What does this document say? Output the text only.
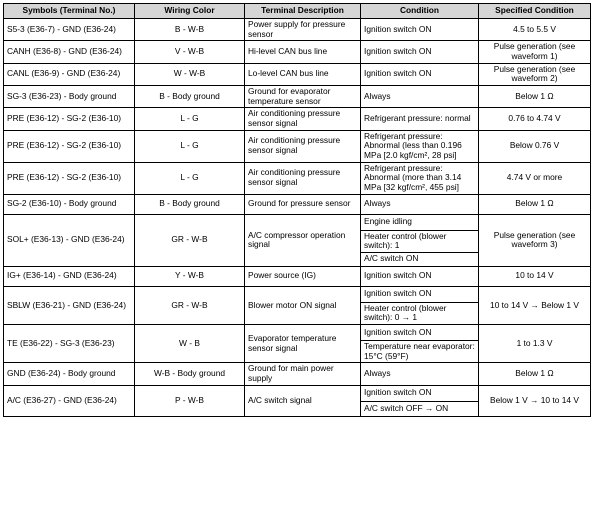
Symbols (Terminal No.)	Wiring Color	Terminal Description	Condition	Specified Condition
S5-3 (E36-7) - GND (E36-24)	B - W-B	Power supply for pressure sensor	Ignition switch ON	4.5 to 5.5 V
CANH (E36-8) - GND (E36-24)	V - W-B	Hi-level CAN bus line	Ignition switch ON	Pulse generation (see waveform 1)
CANL (E36-9) - GND (E36-24)	W - W-B	Lo-level CAN bus line	Ignition switch ON	Pulse generation (see waveform 2)
SG-3 (E36-23) - Body ground	B - Body ground	Ground for evaporator temperature sensor	Always	Below 1 Ω
PRE (E36-12) - SG-2 (E36-10)	L - G	Air conditioning pressure sensor signal	Refrigerant pressure: normal	0.76 to 4.74 V
PRE (E36-12) - SG-2 (E36-10)	L - G	Air conditioning pressure sensor signal	Refrigerant pressure: Abnormal (less than 0.196 MPa [2.0 kgf/cm², 28 psi]	Below 0.76 V
PRE (E36-12) - SG-2 (E36-10)	L - G	Air conditioning pressure sensor signal	Refrigerant pressure: Abnormal (more than 3.14 MPa [32 kgf/cm², 455 psi]	4.74 V or more
SG-2 (E36-10) - Body ground	B - Body ground	Ground for pressure sensor	Always	Below 1 Ω
SOL+ (E36-13) - GND (E36-24)	GR - W-B	A/C compressor operation signal	Engine idling	Pulse generation (see waveform 3)
			Heater control (blower switch): 1	
			A/C switch ON	
IG+ (E36-14) - GND (E36-24)	Y - W-B	Power source (IG)	Ignition switch ON	10 to 14 V
SBLW (E36-21) - GND (E36-24)	GR - W-B	Blower motor ON signal	Ignition switch ON	10 to 14 V → Below 1 V
			Heater control (blower switch): 0 → 1	
TE (E36-22) - SG-3 (E36-23)	W - B	Evaporator temperature sensor signal	Ignition switch ON	1 to 1.3 V
			Temperature near evaporator: 15°C (59°F)	
GND (E36-24) - Body ground	W-B - Body ground	Ground for main power supply	Always	Below 1 Ω
A/C (E36-27) - GND (E36-24)	P - W-B	A/C switch signal	Ignition switch ON	Below 1 V → 10 to 14 V
			A/C switch OFF → ON	
